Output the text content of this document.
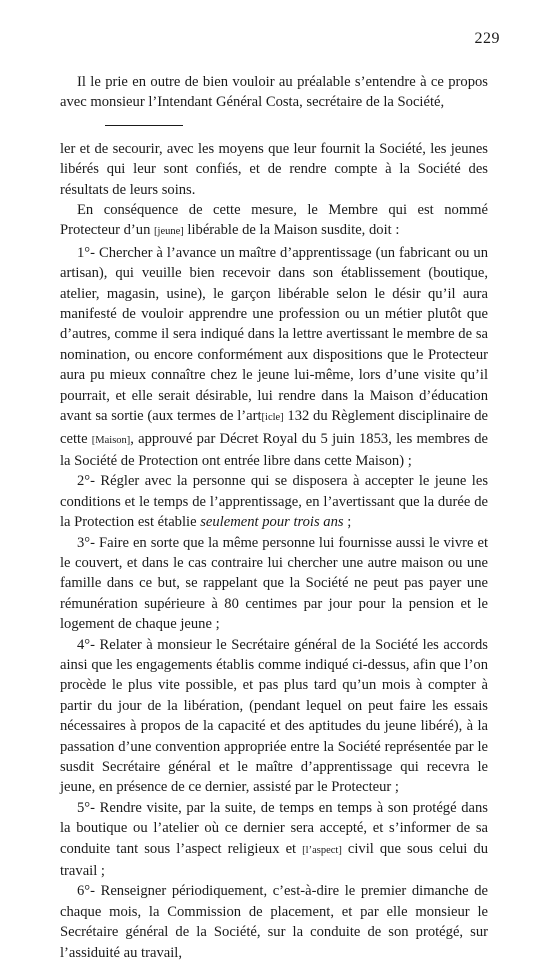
229

Il le prie en outre de bien vouloir au préalable s’entendre à ce propos avec monsieur l’Intendant Général Costa, secrétaire de la Société,

ler et de secourir, avec les moyens que leur fournit la Société, les jeunes libérés qui leur sont confiés, et de rendre compte à la Société des résultats de leurs soins.

En conséquence de cette mesure, le Membre qui est nommé Protecteur d’un [jeune] libérable de la Maison susdite, doit :

1°- Chercher à l’avance un maître d’apprentissage (un fabricant ou un artisan), qui veuille bien recevoir dans son établissement (boutique, atelier, magasin, usine), le garçon libérable selon le désir qu’il aura manifesté de vouloir apprendre une profession ou un métier plutôt que d’autres, comme il sera indiqué dans la lettre avertissant le membre de sa nomination, ou encore conformément aux dispositions que le Protecteur aura pu mieux connaître chez le jeune lui-même, lors d’une visite qu’il pourrait, et elle serait désirable, lui rendre dans la Maison d’éducation avant sa sortie (aux termes de l’art[icle] 132 du Règlement disciplinaire de cette [Maison], approuvé par Décret Royal du 5 juin 1853, les membres de la Société de Protection ont entrée libre dans cette Maison) ;

2°- Régler avec la personne qui se disposera à accepter le jeune les conditions et le temps de l’apprentissage, en l’avertissant que la durée de la Protection est établie seulement pour trois ans ;

3°- Faire en sorte que la même personne lui fournisse aussi le vivre et le couvert, et dans le cas contraire lui chercher une autre maison ou une famille dans ce but, se rappelant que la Société ne peut pas payer une rémunération supérieure à 80 centimes par jour pour la pension et le logement de chaque jeune ;

4°- Relater à monsieur le Secrétaire général de la Société les accords ainsi que les engagements établis comme indiqué ci-dessus, afin que l’on procède le plus vite possible, et pas plus tard qu’un mois à compter à partir du jour de la libération, (pendant lequel on peut faire les essais nécessaires à propos de la capacité et des aptitudes du jeune libéré), à la passation d’une convention appropriée entre la Société représentée par le susdit Secrétaire général et le maître d’apprentissage qui recevra le jeune, en présence de ce dernier, assisté par le Protecteur ;

5°- Rendre visite, par la suite, de temps en temps à son protégé dans la boutique ou l’atelier où ce dernier sera accepté, et s’informer de sa conduite tant sous l’aspect religieux et [l’aspect] civil que sous celui du travail ;

6°- Renseigner périodiquement, c’est-à-dire le premier dimanche de chaque mois, la Commission de placement, et par elle monsieur le Secrétaire général de la Société, sur la conduite de son protégé, sur l’assiduité au travail,
